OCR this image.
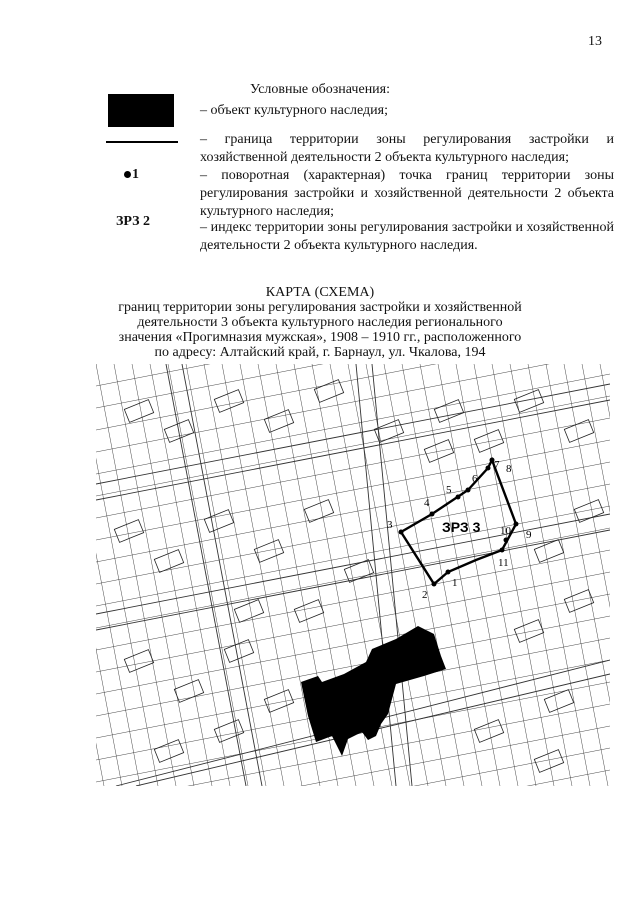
13
Условные обозначения:
– объект культурного наследия;
– граница территории зоны регулирования застройки и хозяйственной деятельности 2 объекта культурного наследия;
1	– поворотная (характерная) точка границ территории зоны регулирования застройки и хозяйственной деятельности 2 объекта культурного наследия;
ЗРЗ 2	– индекс территории зоны регулирования застройки и хозяйственной деятельности 2 объекта культурного наследия.
КАРТА (СХЕМА)
границ территории зоны регулирования застройки и хозяйственной деятельности 3 объекта культурного наследия регионального значения «Прогимназия мужская», 1908 – 1910 гг., расположенного по адресу: Алтайский край, г. Барнаул, ул. Чкалова, 194
1
2
3
4
5
6
7 8
9
10
11
ЗРЗ 3
